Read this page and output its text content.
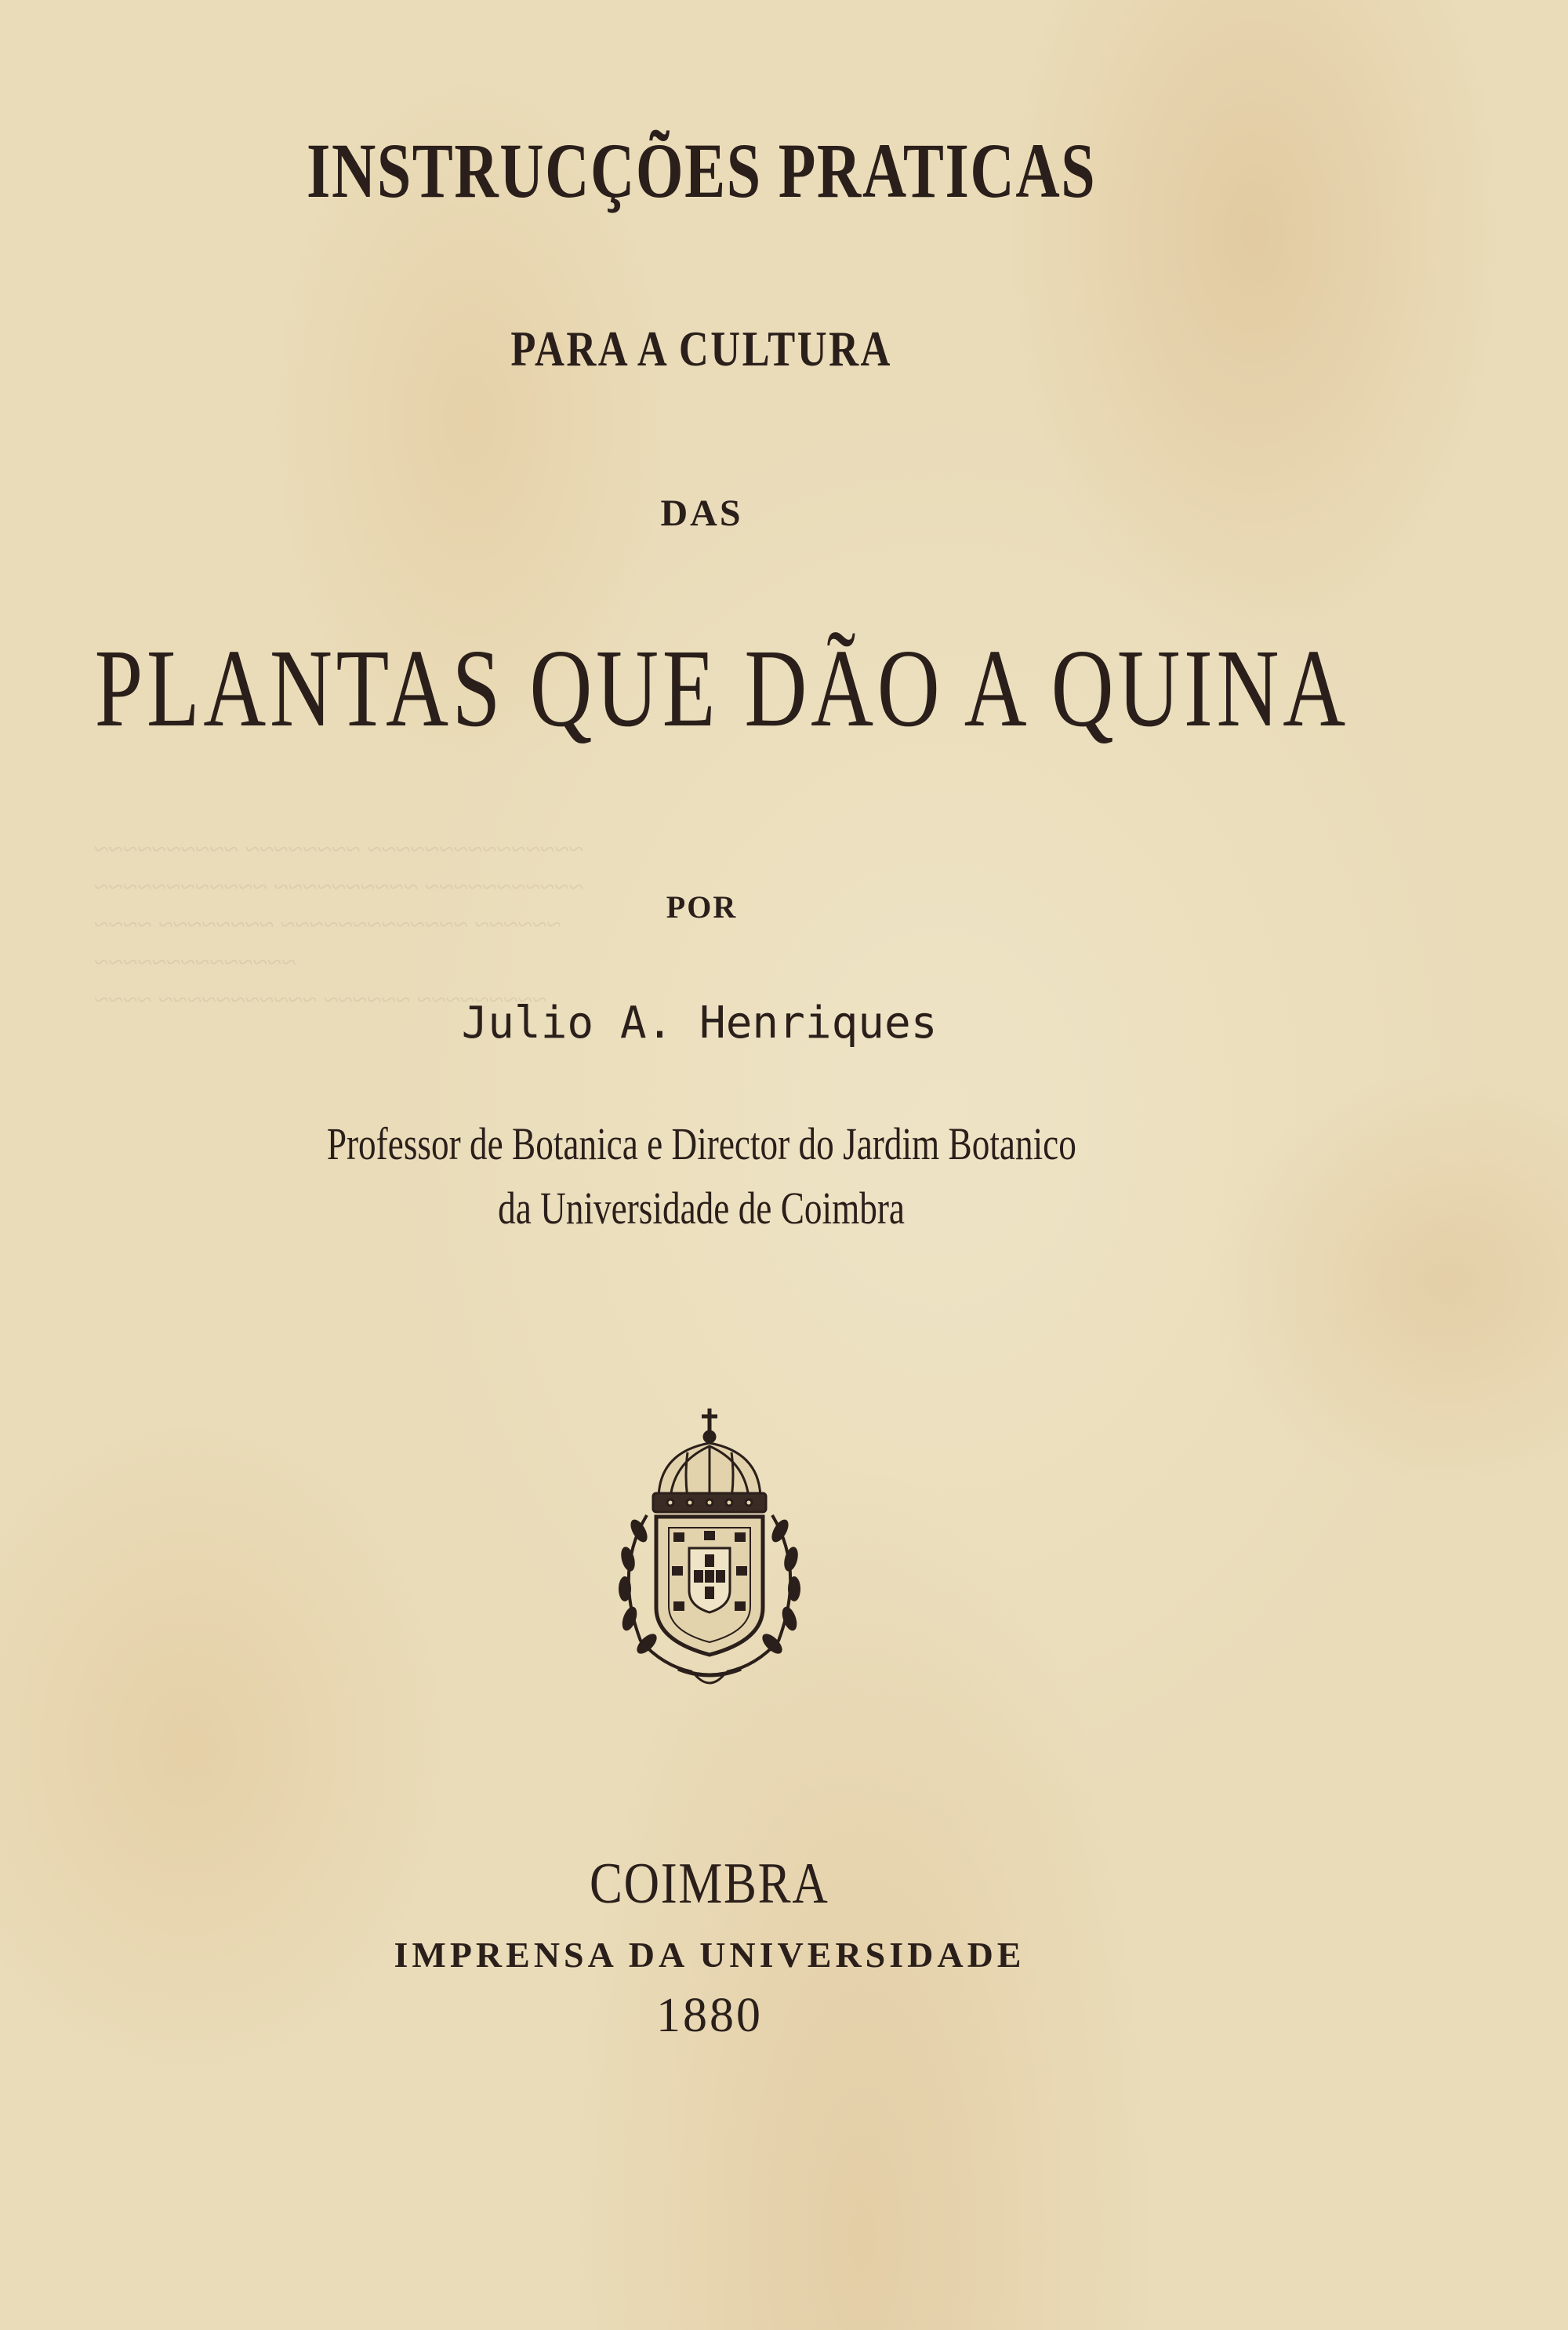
~~~~~~~~~~~~~~~ ~~~~~~~~ ~~~~~~~~~~
~~~~~~~~~~~ ~~~~~~~~~~ ~~~~~~~~~~~~
~~~~~~ ~~~~~~~~~~~~~ ~~~~~~~~ ~~~~
~~~~~~~~~~~~~~
~~~~~~~~~ ~~~~~~ ~~~~~~~~~~~ ~~~~

INSTRUCÇÕES PRATICAS

PARA A CULTURA

DAS

PLANTAS QUE DÃO A QUINA

POR

Julio A. Henriques

Professor de Botanica e Director do Jardim Botanico

da Universidade de Coimbra

COIMBRA

IMPRENSA DA UNIVERSIDADE

1880
